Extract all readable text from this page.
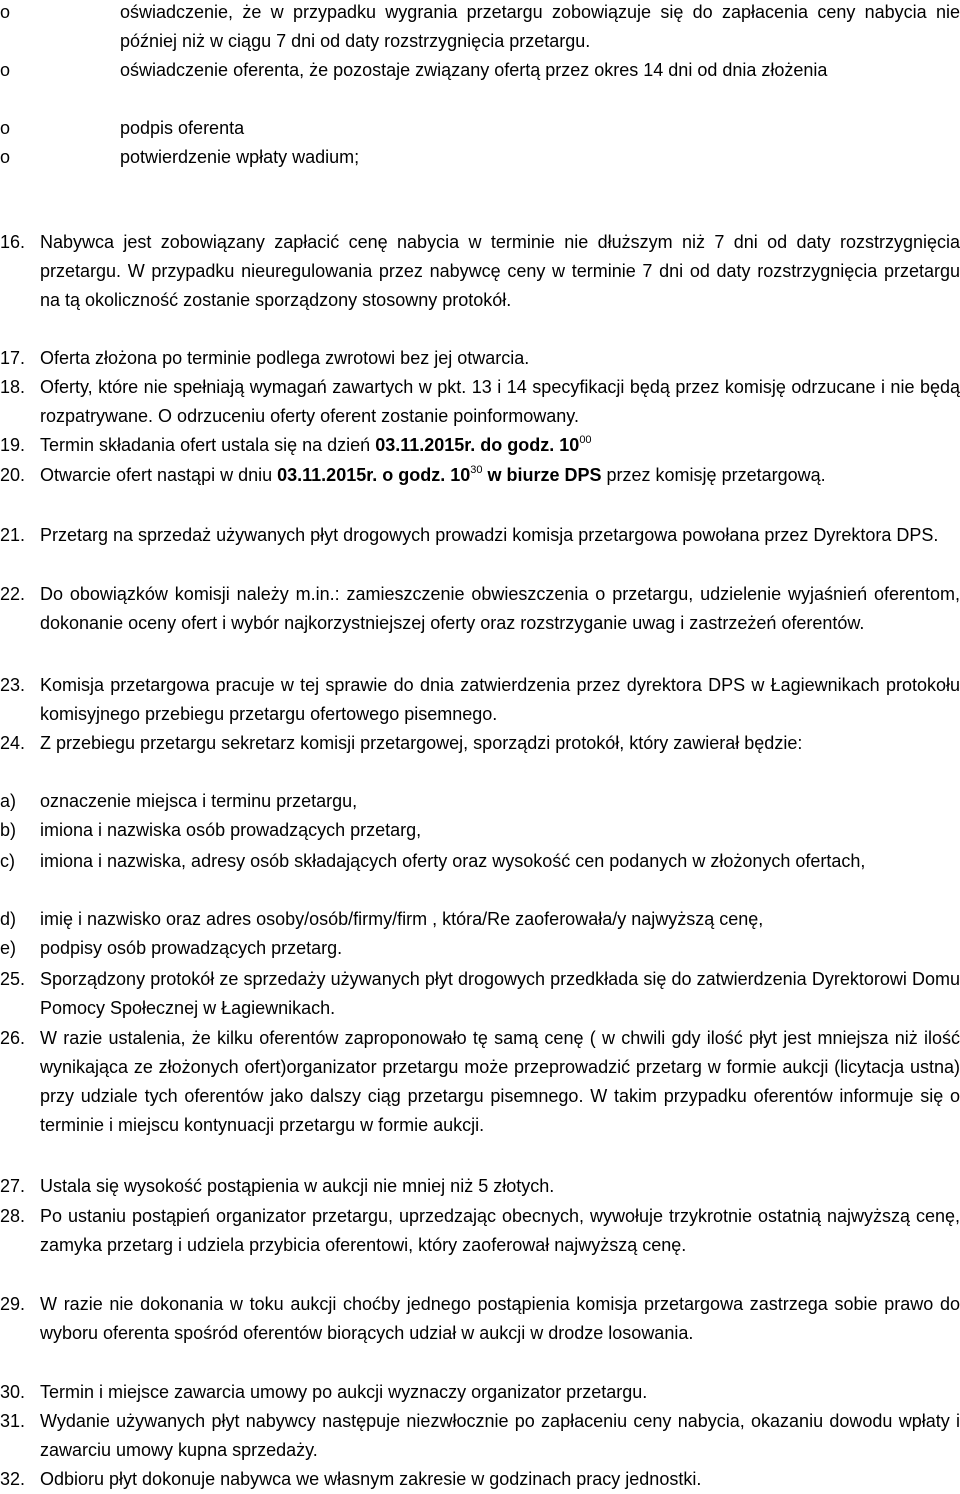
o	oświadczenie, że w przypadku wygrania przetargu zobowiązuje się do zapłacenia ceny nabycia nie później niż w ciągu 7 dni od daty rozstrzygnięcia przetargu.
o	oświadczenie oferenta, że pozostaje związany ofertą przez okres 14 dni od dnia złożenia
o	podpis oferenta
o	potwierdzenie wpłaty wadium;
16. Nabywca jest zobowiązany zapłacić cenę nabycia w terminie nie dłuższym niż 7 dni od daty rozstrzygnięcia przetargu. W przypadku nieuregulowania przez nabywcę ceny w terminie 7 dni od daty rozstrzygnięcia przetargu na tą okoliczność zostanie sporządzony stosowny protokół.
17. Oferta złożona po terminie podlega zwrotowi bez jej otwarcia.
18. Oferty, które nie spełniają wymagań zawartych w pkt. 13 i 14 specyfikacji będą przez komisję odrzucane i nie będą rozpatrywane. O odrzuceniu oferty oferent zostanie poinformowany.
19. Termin składania ofert ustala się na dzień 03.11.2015r. do godz. $10^{00}$
20. Otwarcie ofert nastąpi w dniu 03.11.2015r. o godz. $10^{30}$ w biurze DPS przez komisję przetargową.
21. Przetarg na sprzedaż używanych płyt drogowych prowadzi komisja przetargowa powołana przez Dyrektora DPS.
22. Do obowiązków komisji należy m.in.: zamieszczenie obwieszczenia o przetargu, udzielenie wyjaśnień oferentom, dokonanie oceny ofert i wybór najkorzystniejszej oferty oraz rozstrzyganie uwag i zastrzeżeń oferentów.
23. Komisja przetargowa pracuje w tej sprawie do dnia zatwierdzenia przez dyrektora DPS w Łagiewnikach protokołu komisyjnego przebiegu przetargu ofertowego pisemnego.
24. Z przebiegu przetargu sekretarz komisji przetargowej, sporządzi protokół, który zawierał będzie:
a) oznaczenie miejsca i terminu przetargu,
b) imiona i nazwiska osób prowadzących przetarg,
c) imiona i nazwiska, adresy osób składających oferty oraz wysokość cen podanych w złożonych ofertach,
d) imię i nazwisko oraz adres osoby/osób/firmy/firm , która/Re zaoferowała/y najwyższą cenę,
e) podpisy osób prowadzących przetarg.
25. Sporządzony protokół ze sprzedaży używanych płyt drogowych przedkłada się do zatwierdzenia Dyrektorowi Domu Pomocy Społecznej w Łagiewnikach.
26. W razie ustalenia, że kilku oferentów zaproponowało tę samą cenę ( w chwili gdy ilość płyt jest mniejsza niż ilość wynikająca ze złożonych ofert)organizator przetargu może przeprowadzić przetarg w formie aukcji (licytacja ustna) przy udziale tych oferentów jako dalszy ciąg przetargu pisemnego. W takim przypadku oferentów informuje się o terminie i miejscu kontynuacji przetargu w formie aukcji.
27. Ustala się wysokość postąpienia w aukcji nie mniej niż 5 złotych.
28. Po ustaniu postąpień organizator przetargu, uprzedzając obecnych, wywołuje trzykrotnie ostatnią najwyższą cenę, zamyka przetarg i udziela przybicia oferentowi, który zaoferował najwyższą cenę.
29. W razie nie dokonania w toku aukcji choćby jednego postąpienia komisja przetargowa zastrzega sobie prawo do wyboru oferenta spośród oferentów biorących udział w aukcji w drodze losowania.
30. Termin i miejsce zawarcia umowy po aukcji wyznaczy organizator przetargu.
31. Wydanie używanych płyt nabywcy następuje niezwłocznie po zapłaceniu ceny nabycia, okazaniu dowodu wpłaty i zawarciu umowy kupna sprzedaży.
32. Odbioru płyt dokonuje nabywca we własnym zakresie w godzinach pracy jednostki.
